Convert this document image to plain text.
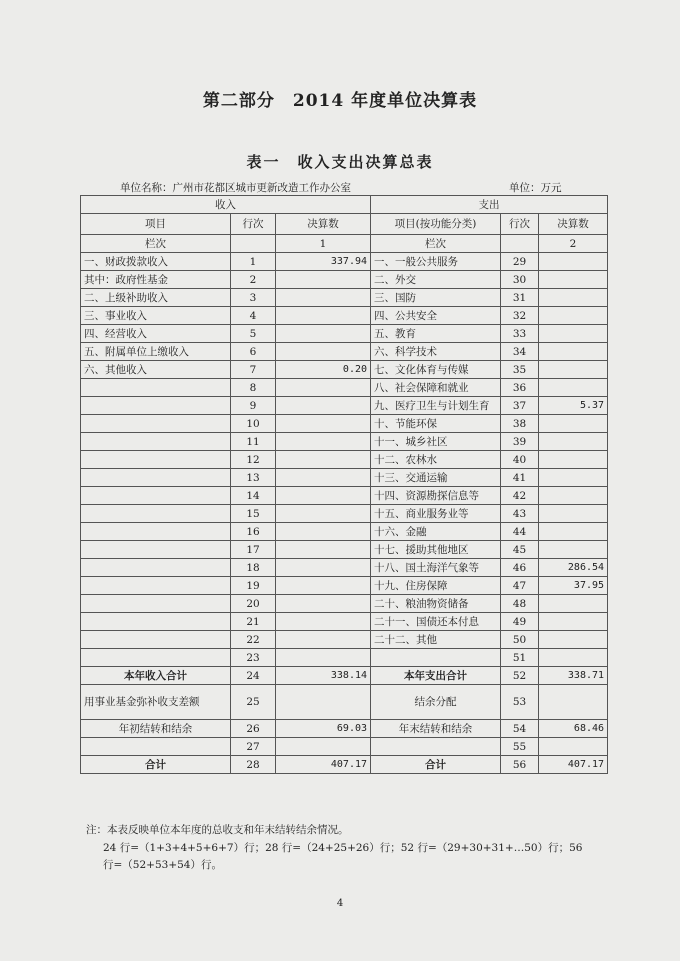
第二部分　2014 年度单位决算表
表一　收入支出决算总表
单位名称：广州市花都区城市更新改造工作办公室	单位：万元
收入			支出		
项目	行次	决算数	项目(按功能分类)	行次	决算数
栏次		1	栏次		2
一、财政拨款收入	1	337.94	一、一般公共服务	29	
其中：政府性基金	2		二、外交	30	
二、上级补助收入	3		三、国防	31	
三、事业收入	4		四、公共安全	32	
四、经营收入	5		五、教育	33	
五、附属单位上缴收入	6		六、科学技术	34	
六、其他收入	7	0.20	七、文化体育与传媒	35	
	8		八、社会保障和就业	36	
	9		九、医疗卫生与计划生育	37	5.37
	10		十、节能环保	38	
	11		十一、城乡社区	39	
	12		十二、农林水	40	
	13		十三、交通运输	41	
	14		十四、资源勘探信息等	42	
	15		十五、商业服务业等	43	
	16		十六、金融	44	
	17		十七、援助其他地区	45	
	18		十八、国土海洋气象等	46	286.54
	19		十九、住房保障	47	37.95
	20		二十、粮油物资储备	48	
	21		二十一、国债还本付息	49	
	22		二十二、其他	50	
	23			51	
本年收入合计	24	338.14	本年支出合计	52	338.71
用事业基金弥补收支差额	25		结余分配	53	
年初结转和结余	26	69.03	年末结转和结余	54	68.46
	27			55	
合计	28	407.17	合计	56	407.17
注：本表反映单位本年度的总收支和年末结转结余情况。
24 行=（1+3+4+5+6+7）行；28 行=（24+25+26）行；52 行=（29+30+31+…50）行；56
行=（52+53+54）行。
4
